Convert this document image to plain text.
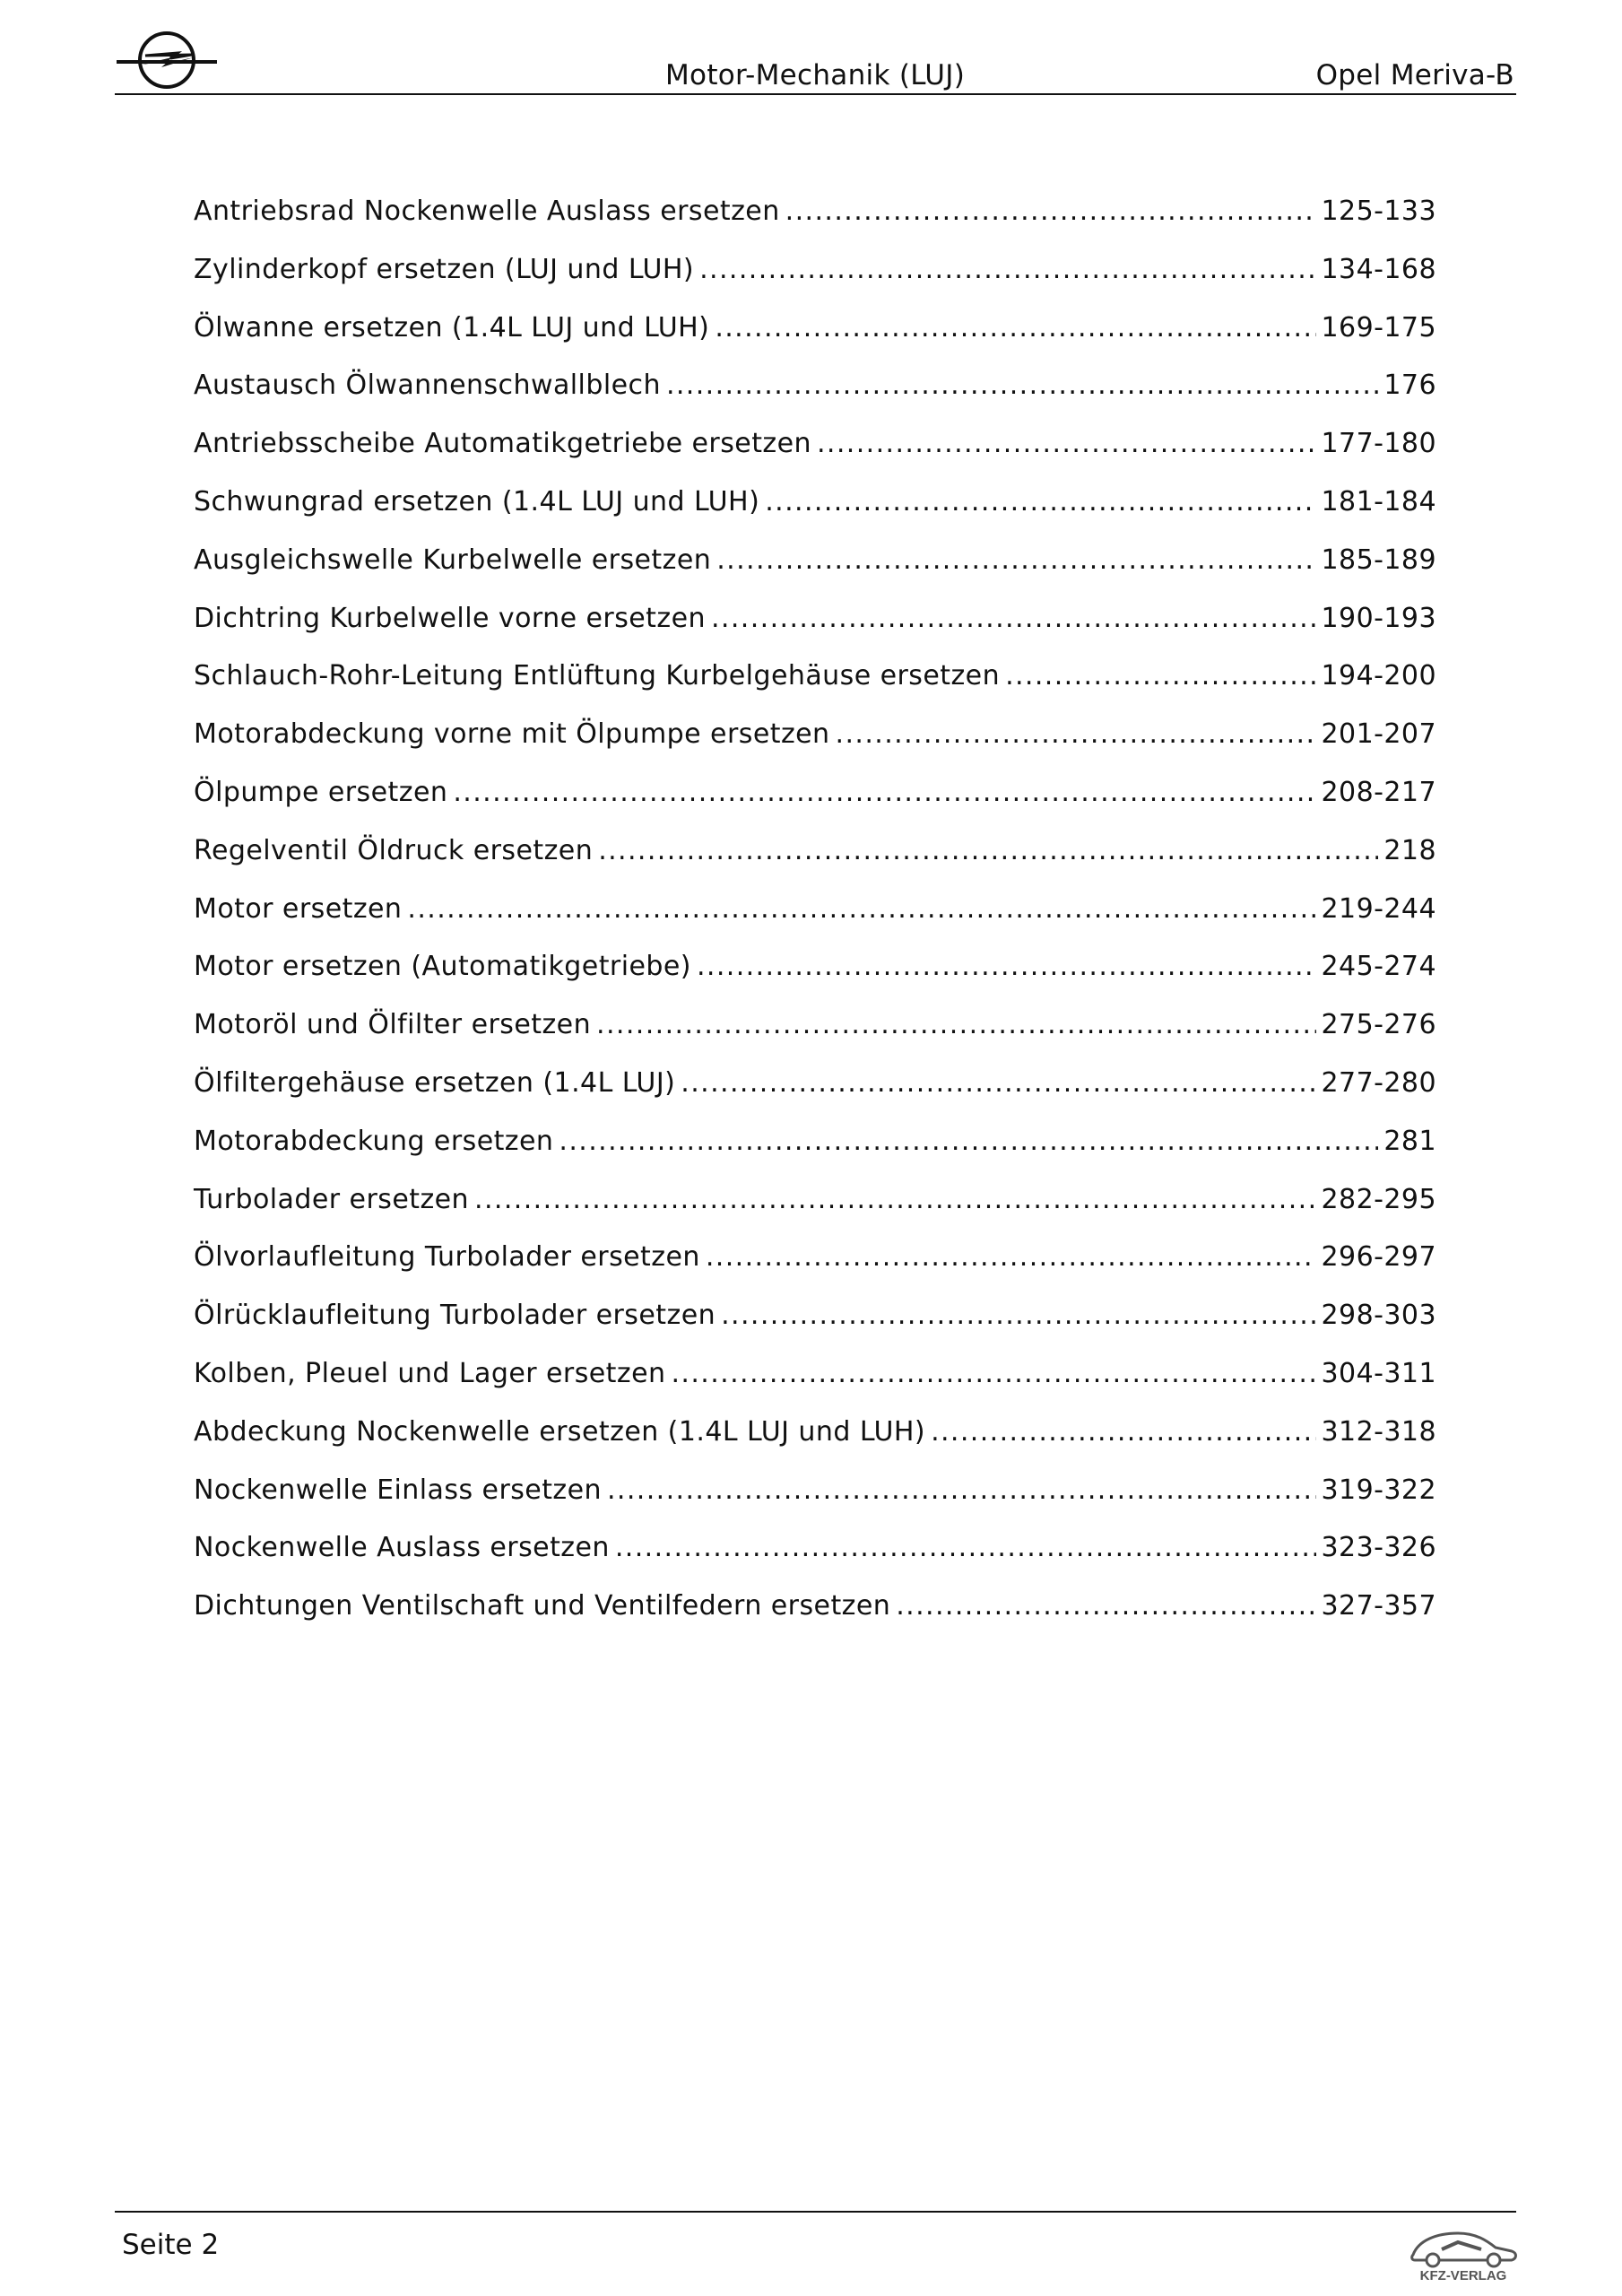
Motor-Mechanik (LUJ)	Opel Meriva-B
Antriebsrad Nockenwelle Auslass ersetzen .....	125-133
Zylinderkopf ersetzen (LUJ und LUH) .....	134-168
Ölwanne ersetzen (1.4L LUJ und LUH) .....	169-175
Austausch Ölwannenschwallblech .....	176
Antriebsscheibe Automatikgetriebe ersetzen .....	177-180
Schwungrad ersetzen (1.4L LUJ und LUH) .....	181-184
Ausgleichswelle Kurbelwelle ersetzen .....	185-189
Dichtring Kurbelwelle vorne ersetzen .....	190-193
Schlauch-Rohr-Leitung Entlüftung Kurbelgehäuse ersetzen .....	194-200
Motorabdeckung vorne mit Ölpumpe ersetzen .....	201-207
Ölpumpe ersetzen .....	208-217
Regelventil Öldruck ersetzen .....	218
Motor ersetzen .....	219-244
Motor ersetzen (Automatikgetriebe) .....	245-274
Motoröl und Ölfilter ersetzen .....	275-276
Ölfiltergehäuse ersetzen (1.4L LUJ) .....	277-280
Motorabdeckung ersetzen .....	281
Turbolader ersetzen .....	282-295
Ölvorlaufleitung Turbolader ersetzen .....	296-297
Ölrücklaufleitung Turbolader ersetzen .....	298-303
Kolben, Pleuel und Lager ersetzen .....	304-311
Abdeckung Nockenwelle ersetzen (1.4L LUJ und LUH) .....	312-318
Nockenwelle Einlass ersetzen .....	319-322
Nockenwelle Auslass ersetzen .....	323-326
Dichtungen Ventilschaft und Ventilfedern ersetzen .....	327-357
Seite 2
KFZ-VERLAG
